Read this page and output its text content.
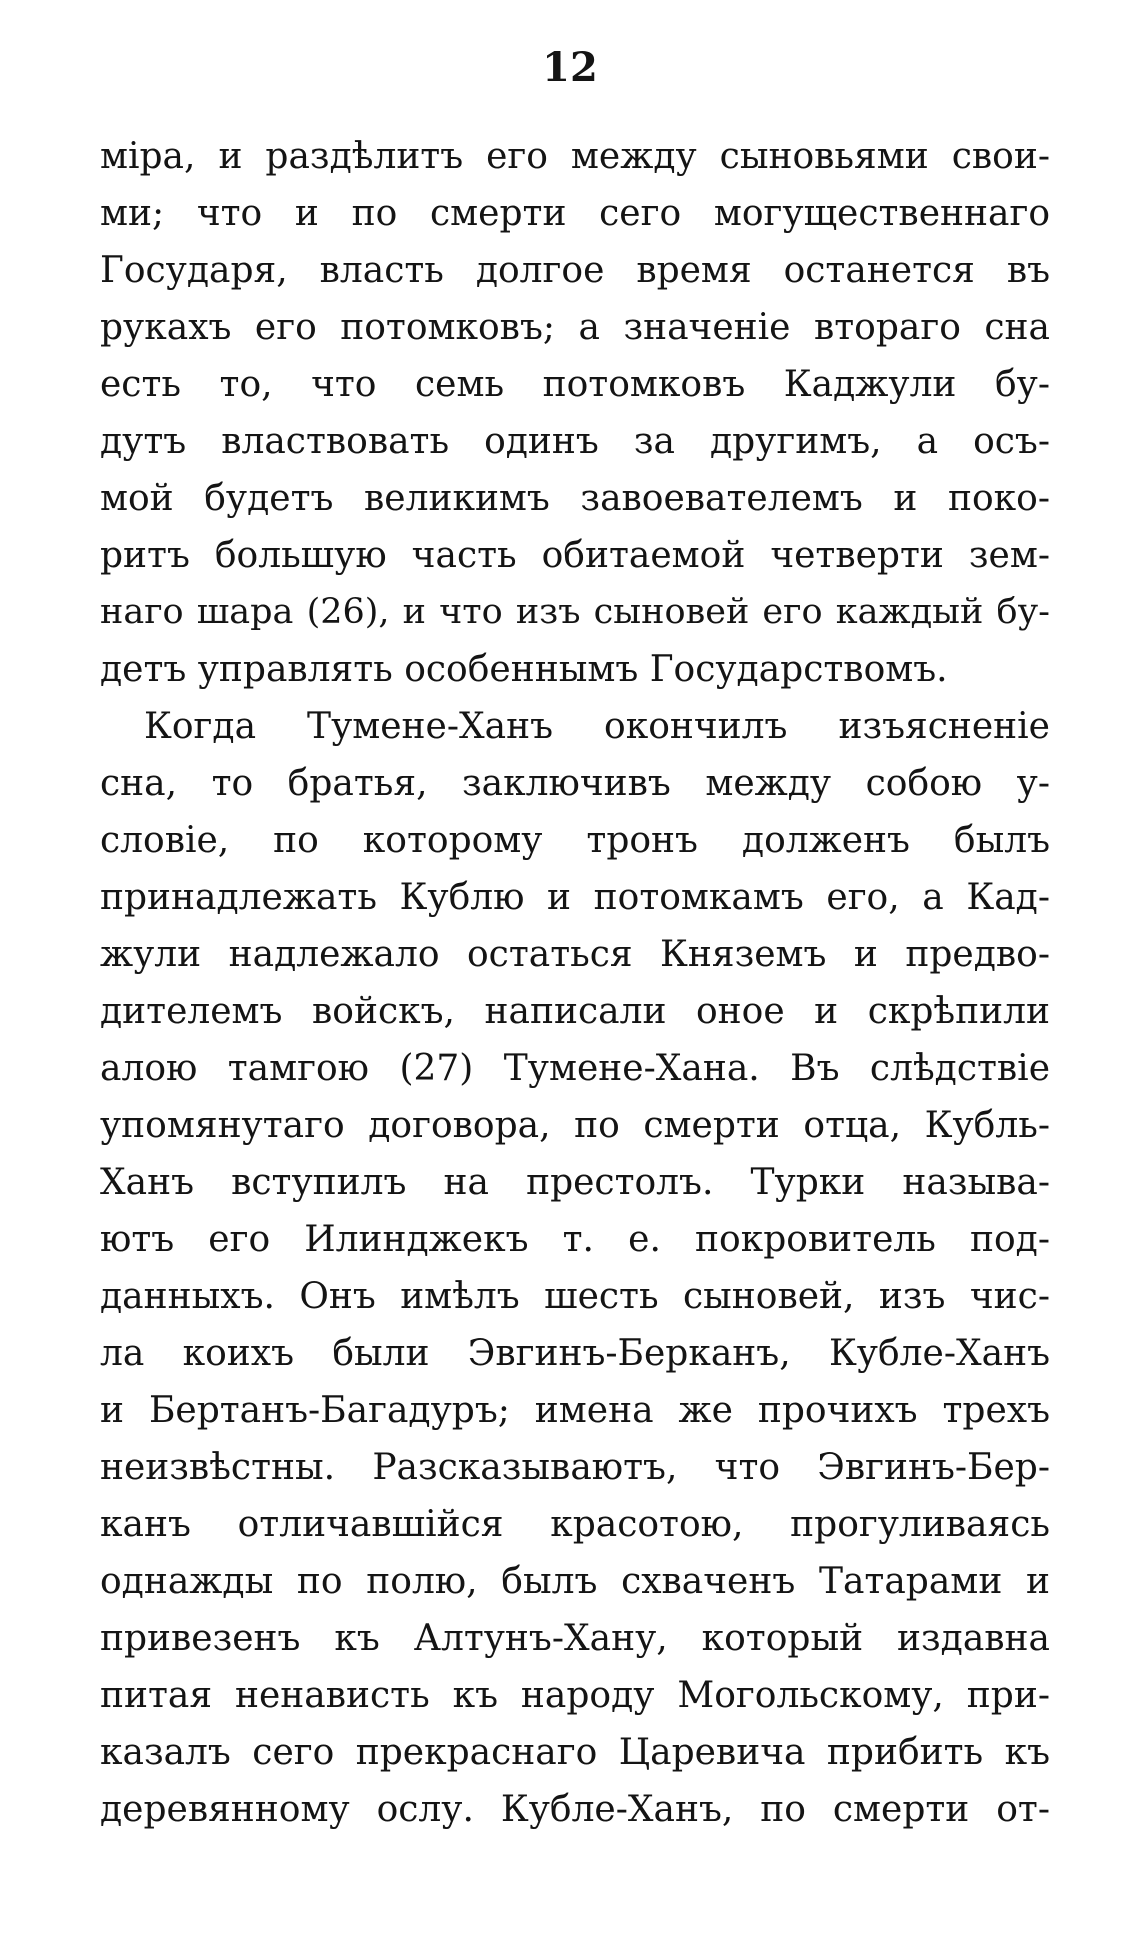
12
міра, и раздѣлитъ его между сыновьями свои-
ми; что и по смерти сего могущественнаго
Государя, власть долгое время останется въ
рукахъ его потомковъ; а значеніе втораго сна
есть то, что семь потомковъ Каджули бу-
дутъ властвовать одинъ за другимъ, а осъ-
мой будетъ великимъ завоевателемъ и поко-
ритъ большую часть обитаемой четверти зем-
наго шара (26), и что изъ сыновей его каждый бу-
детъ управлять особеннымъ Государствомъ.
Когда Тумене-Ханъ окончилъ изъясненіе
сна, то братья, заключивъ между собою у-
словіе, по которому тронъ долженъ былъ
принадлежать Кублю и потомкамъ его, а Кад-
жули надлежало остаться Княземъ и предво-
дителемъ войскъ, написали оное и скрѣпили
алою тамгою (27) Тумене-Хана. Въ слѣдствіе
упомянутаго договора, по смерти отца, Кубль-
Ханъ вступилъ на престолъ. Турки называ-
ютъ его Илинджекъ т. е. покровитель под-
данныхъ. Онъ имѣлъ шесть сыновей, изъ чис-
ла коихъ были Эвгинъ-Берканъ, Кубле-Ханъ
и Бертанъ-Багадуръ; имена же прочихъ трехъ
неизвѣстны. Разсказываютъ, что Эвгинъ-Бер-
канъ отличавшійся красотою, прогуливаясь
однажды по полю, былъ схваченъ Татарами и
привезенъ къ Алтунъ-Хану, который издавна
питая ненависть къ народу Могольскому, при-
казалъ сего прекраснаго Царевича прибить къ
деревянному ослу. Кубле-Ханъ, по смерти от-
